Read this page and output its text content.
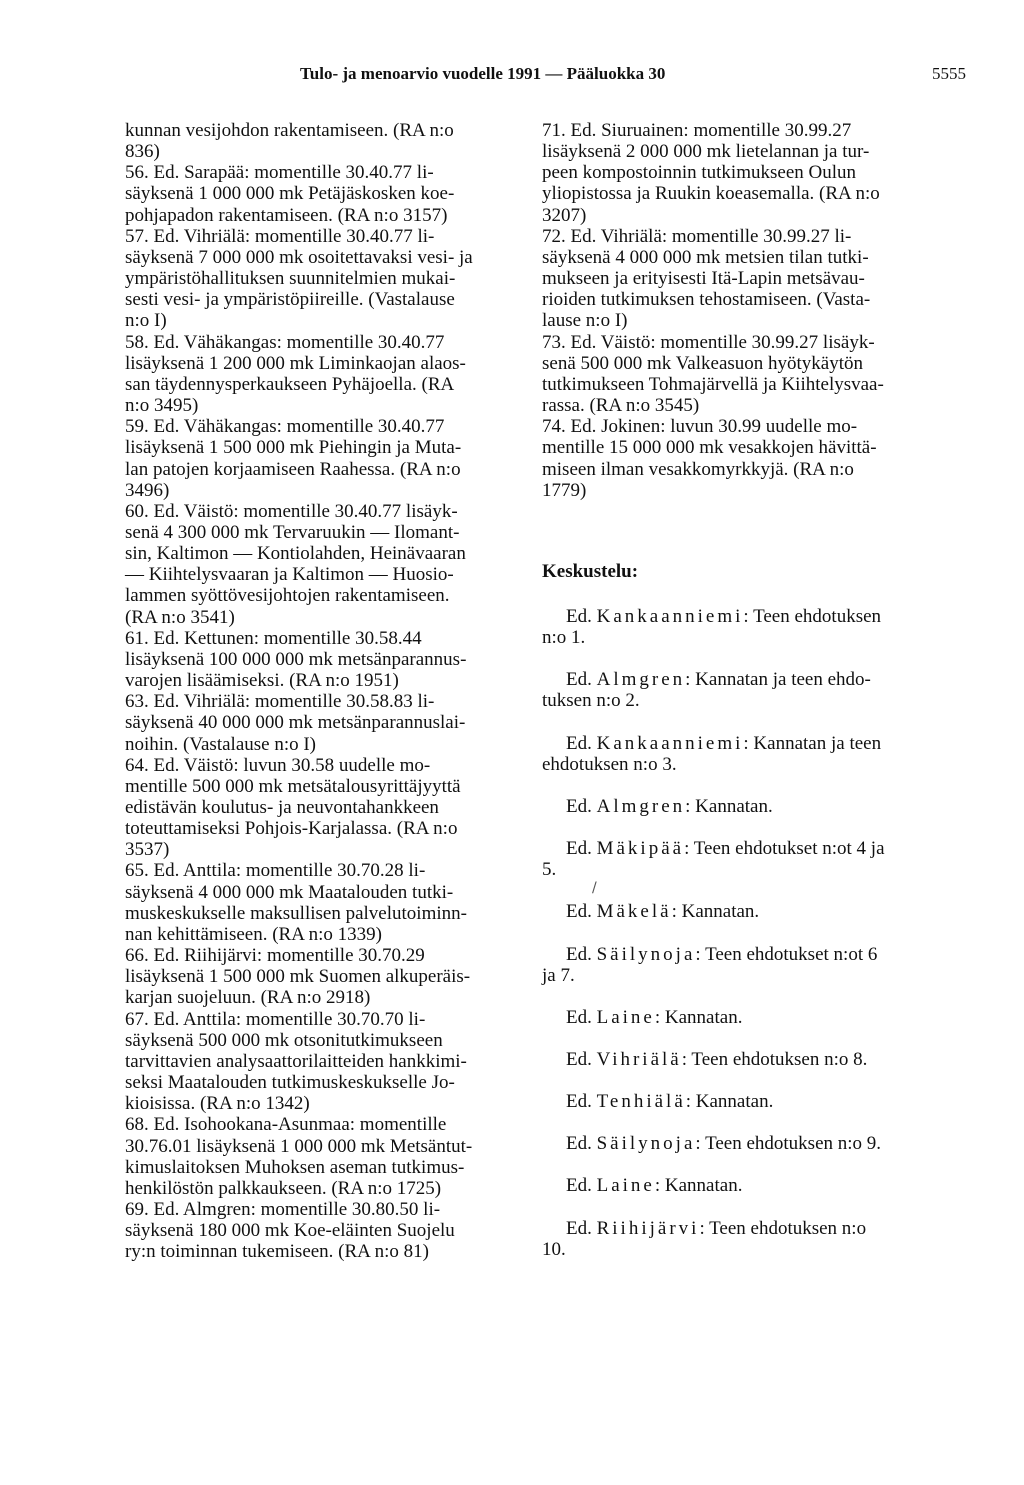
Tulo- ja menoarvio vuodelle 1991 — Pääluokka 30	5555
kunnan vesijohdon rakentamiseen. (RA n:o
836)
56. Ed. Sarapää: momentille 30.40.77 li-
säyksenä 1 000 000 mk Petäjäskosken koe-
pohjapadon rakentamiseen. (RA n:o 3157)
57. Ed. Vihriälä: momentille 30.40.77 li-
säyksenä 7 000 000 mk osoitettavaksi vesi- ja
ympäristöhallituksen suunnitelmien mukai-
sesti vesi- ja ympäristöpiireille. (Vastalause
n:o I)
58. Ed. Vähäkangas: momentille 30.40.77
lisäyksenä 1 200 000 mk Liminkaojan alaos-
san täydennysperkaukseen Pyhäjoella. (RA
n:o 3495)
59. Ed. Vähäkangas: momentille 30.40.77
lisäyksenä 1 500 000 mk Piehingin ja Muta-
lan patojen korjaamiseen Raahessa. (RA n:o
3496)
60. Ed. Väistö: momentille 30.40.77 lisäyk-
senä 4 300 000 mk Tervaruukin — Ilomant-
sin, Kaltimon — Kontiolahden, Heinävaaran
— Kiihtelysvaaran ja Kaltimon — Huosio-
lammen syöttövesijohtojen rakentamiseen.
(RA n:o 3541)
61. Ed. Kettunen: momentille 30.58.44
lisäyksenä 100 000 000 mk metsänparannus-
varojen lisäämiseksi. (RA n:o 1951)
63. Ed. Vihriälä: momentille 30.58.83 li-
säyksenä 40 000 000 mk metsänparannuslai-
noihin. (Vastalause n:o I)
64. Ed. Väistö: luvun 30.58 uudelle mo-
mentille 500 000 mk metsätalousyrittäjyyttä
edistävän koulutus- ja neuvontahankkeen
toteuttamiseksi Pohjois-Karjalassa. (RA n:o
3537)
65. Ed. Anttila: momentille 30.70.28 li-
säyksenä 4 000 000 mk Maatalouden tutki-
muskeskukselle maksullisen palvelutoiminn-
nan kehittämiseen. (RA n:o 1339)
66. Ed. Riihijärvi: momentille 30.70.29
lisäyksenä 1 500 000 mk Suomen alkuperäis-
karjan suojeluun. (RA n:o 2918)
67. Ed. Anttila: momentille 30.70.70 li-
säyksenä 500 000 mk otsonitutkimukseen
tarvittavien analysaattorilaitteiden hankkimi-
seksi Maatalouden tutkimuskeskukselle Jo-
kioisissa. (RA n:o 1342)
68. Ed. Isohookana-Asunmaa: momentille
30.76.01 lisäyksenä 1 000 000 mk Metsäntut-
kimuslaitoksen Muhoksen aseman tutkimus-
henkilöstön palkkaukseen. (RA n:o 1725)
69. Ed. Almgren: momentille 30.80.50 li-
säyksenä 180 000 mk Koe-eläinten Suojelu
ry:n toiminnan tukemiseen. (RA n:o 81)
71. Ed. Siuruainen: momentille 30.99.27
lisäyksenä 2 000 000 mk lietelannan ja tur-
peen kompostoinnin tutkimukseen Oulun
yliopistossa ja Ruukin koeasemalla. (RA n:o
3207)
72. Ed. Vihriälä: momentille 30.99.27 li-
säyksenä 4 000 000 mk metsien tilan tutki-
mukseen ja erityisesti Itä-Lapin metsävau-
rioiden tutkimuksen tehostamiseen. (Vasta-
lause n:o I)
73. Ed. Väistö: momentille 30.99.27 lisäyk-
senä 500 000 mk Valkeasuon hyötykäytön
tutkimukseen Tohmajärvellä ja Kiihtelysvaa-
rassa. (RA n:o 3545)
74. Ed. Jokinen: luvun 30.99 uudelle mo-
mentille 15 000 000 mk vesakkojen hävittä-
miseen ilman vesakkomyrkkyjä. (RA n:o
1779)
Keskustelu:
Ed. Kankaanniemi: Teen ehdotuksen
n:o 1.
Ed. Almgren: Kannatan ja teen ehdo-
tuksen n:o 2.
Ed. Kankaanniemi: Kannatan ja teen
ehdotuksen n:o 3.
Ed. Almgren: Kannatan.
Ed. Mäkipää: Teen ehdotukset n:ot 4 ja
5.
Ed. Mäkelä: Kannatan.
Ed. Säilynoja: Teen ehdotukset n:ot 6
ja 7.
Ed. Laine: Kannatan.
Ed. Vihriälä: Teen ehdotuksen n:o 8.
Ed. Tenhiälä: Kannatan.
Ed. Säilynoja: Teen ehdotuksen n:o 9.
Ed. Laine: Kannatan.
Ed. Riihijärvi: Teen ehdotuksen n:o
10.
/
